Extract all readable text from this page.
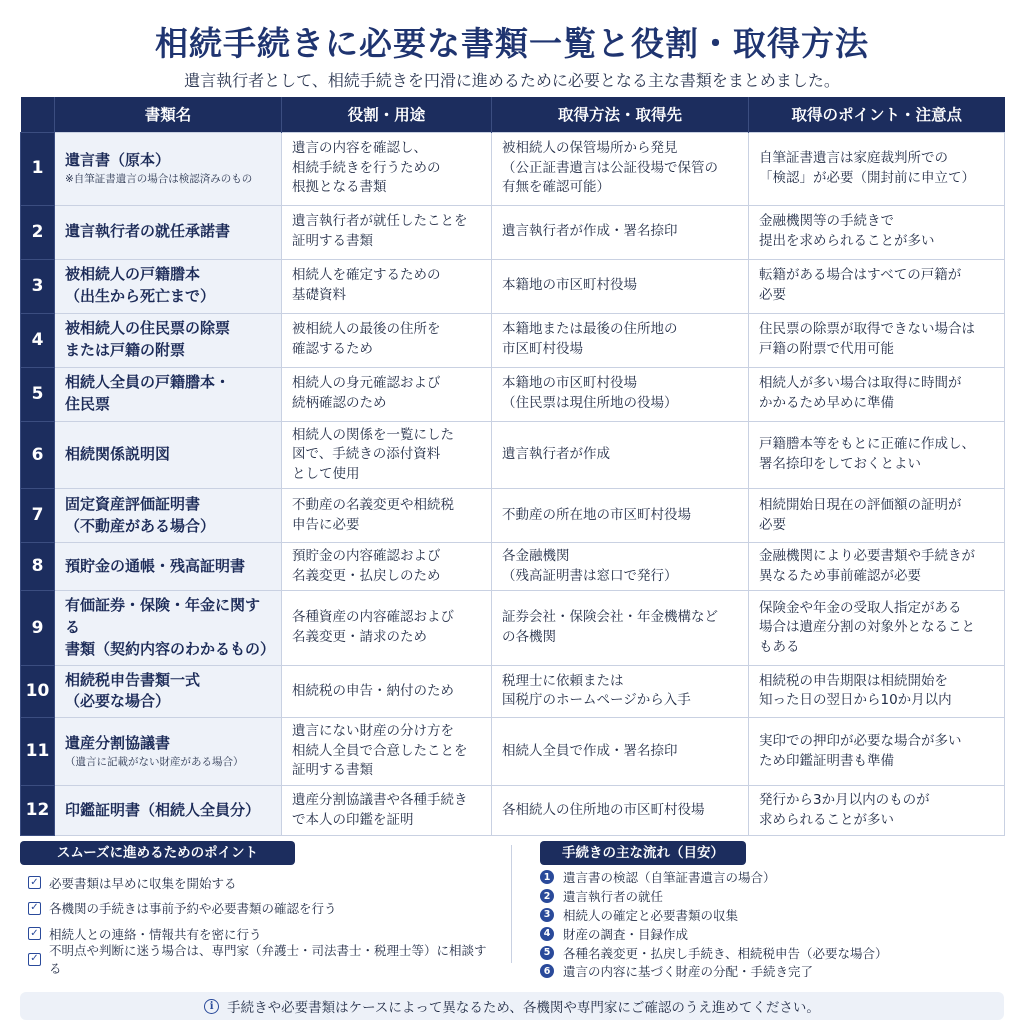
相続手続きに必要な書類一覧と役割・取得方法
遺言執行者として、相続手続きを円滑に進めるために必要となる主な書類をまとめました。
	書類名	役割・用途	取得方法・取得先	取得のポイント・注意点
1	遺言書（原本）
※自筆証書遺言の場合は検認済みのもの	遺言の内容を確認し、
相続手続きを行うための
根拠となる書類	被相続人の保管場所から発見
（公正証書遺言は公証役場で保管の
有無を確認可能）	自筆証書遺言は家庭裁判所での
「検認」が必要（開封前に申立て）
2	遺言執行者の就任承諾書	遺言執行者が就任したことを
証明する書類	遺言執行者が作成・署名捺印	金融機関等の手続きで
提出を求められることが多い
3	被相続人の戸籍謄本
（出生から死亡まで）	相続人を確定するための
基礎資料	本籍地の市区町村役場	転籍がある場合はすべての戸籍が
必要
4	被相続人の住民票の除票
または戸籍の附票	被相続人の最後の住所を
確認するため	本籍地または最後の住所地の
市区町村役場	住民票の除票が取得できない場合は
戸籍の附票で代用可能
5	相続人全員の戸籍謄本・
住民票	相続人の身元確認および
続柄確認のため	本籍地の市区町村役場
（住民票は現住所地の役場）	相続人が多い場合は取得に時間が
かかるため早めに準備
6	相続関係説明図	相続人の関係を一覧にした
図で、手続きの添付資料
として使用	遺言執行者が作成	戸籍謄本等をもとに正確に作成し、
署名捺印をしておくとよい
7	固定資産評価証明書
（不動産がある場合）	不動産の名義変更や相続税
申告に必要	不動産の所在地の市区町村役場	相続開始日現在の評価額の証明が
必要
8	預貯金の通帳・残高証明書	預貯金の内容確認および
名義変更・払戻しのため	各金融機関
（残高証明書は窓口で発行）	金融機関により必要書類や手続きが
異なるため事前確認が必要
9	有価証券・保険・年金に関する
書類（契約内容のわかるもの）	各種資産の内容確認および
名義変更・請求のため	証券会社・保険会社・年金機構など
の各機関	保険金や年金の受取人指定がある
場合は遺産分割の対象外となること
もある
10	相続税申告書類一式
（必要な場合）	相続税の申告・納付のため	税理士に依頼または
国税庁のホームページから入手	相続税の申告期限は相続開始を
知った日の翌日から10か月以内
11	遺産分割協議書
（遺言に記載がない財産がある場合）	遺言にない財産の分け方を
相続人全員で合意したことを
証明する書類	相続人全員で作成・署名捺印	実印での押印が必要な場合が多い
ため印鑑証明書も準備
12	印鑑証明書（相続人全員分）	遺産分割協議書や各種手続き
で本人の印鑑を証明	各相続人の住所地の市区町村役場	発行から3か月以内のものが
求められることが多い
スムーズに進めるためのポイント
✓ 必要書類は早めに収集を開始する
✓ 各機関の手続きは事前予約や必要書類の確認を行う
✓ 相続人との連絡・情報共有を密に行う
✓
不明点や判断に迷う場合は、専門家（弁護士・司法書士・税理士等）に相談する
手続きの主な流れ（目安）
1 遺言書の検認（自筆証書遺言の場合）
2 遺言執行者の就任
3 相続人の確定と必要書類の収集
4 財産の調査・目録作成
5 各種名義変更・払戻し手続き、相続税申告（必要な場合）
6 遺言の内容に基づく財産の分配・手続き完了
i	手続きや必要書類はケースによって異なるため、各機関や専門家にご確認のうえ進めてください。
